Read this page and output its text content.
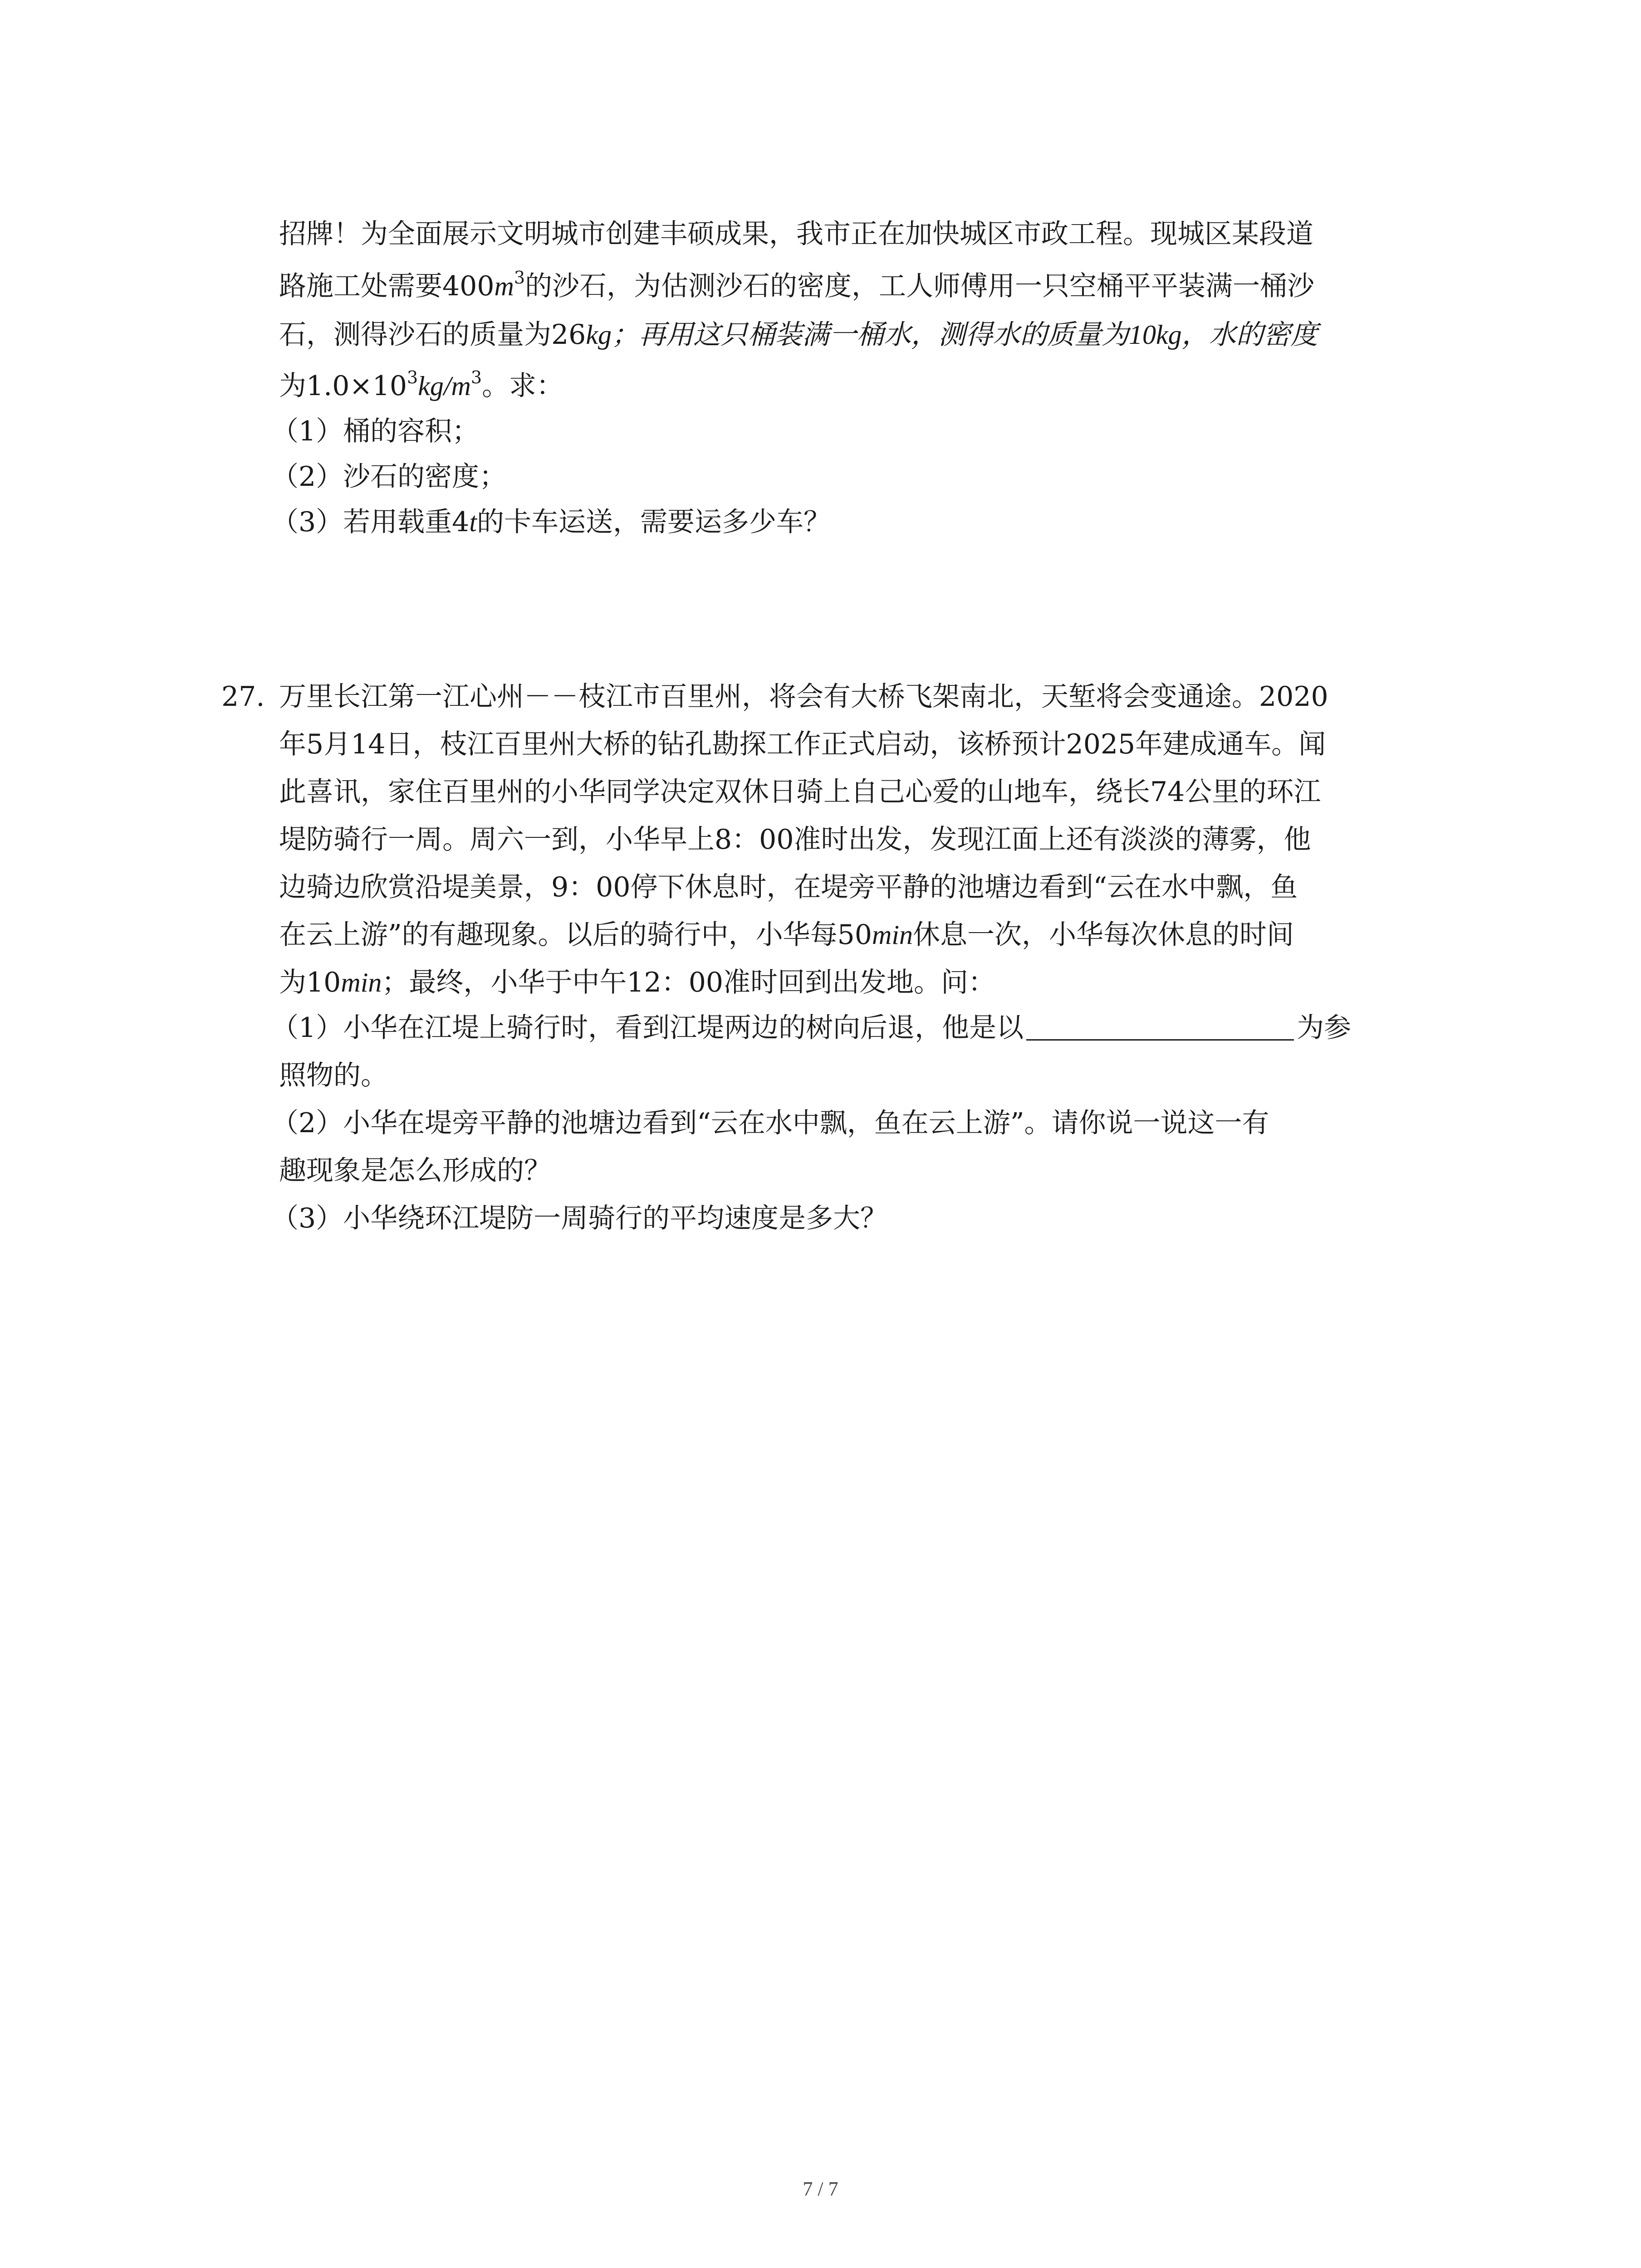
招牌！为全面展示文明城市创建丰硕成果，我市正在加快城区市政工程。现城区某段道
路施工处需要$400m^3$的沙石，为估测沙石的密度，工人师傅用一只空桶平平装满一桶沙
石，测得沙石的质量为26kg；再用这只桶装满一桶水，测得水的质量为10kg，水的密度
为$1.0\times 10^3kg/m^3$。求：
（1）桶的容积；
（2）沙石的密度；
（3）若用载重4t的卡车运送，需要运多少车？
27. 万里长江第一江心州－－枝江市百里州，将会有大桥飞架南北，天堑将会变通途。2020
年5月14日，枝江百里州大桥的钻孔勘探工作正式启动，该桥预计2025年建成通车。闻
此喜讯，家住百里州的小华同学决定双休日骑上自己心爱的山地车，绕长74公里的环江
堤防骑行一周。周六一到，小华早上8：00准时出发，发现江面上还有淡淡的薄雾，他
边骑边欣赏沿堤美景，9：00停下休息时，在堤旁平静的池塘边看到“云在水中飘，鱼
在云上游”的有趣现象。以后的骑行中，小华每50min休息一次，小华每次休息的时间
为10min；最终，小华于中午12：00准时回到出发地。问：
（1）小华在江堤上骑行时，看到江堤两边的树向后退，他是以	为参
照物的。
（2）小华在堤旁平静的池塘边看到“云在水中飘，鱼在云上游”。请你说一说这一有
趣现象是怎么形成的？
（3）小华绕环江堤防一周骑行的平均速度是多大？
7 / 7
